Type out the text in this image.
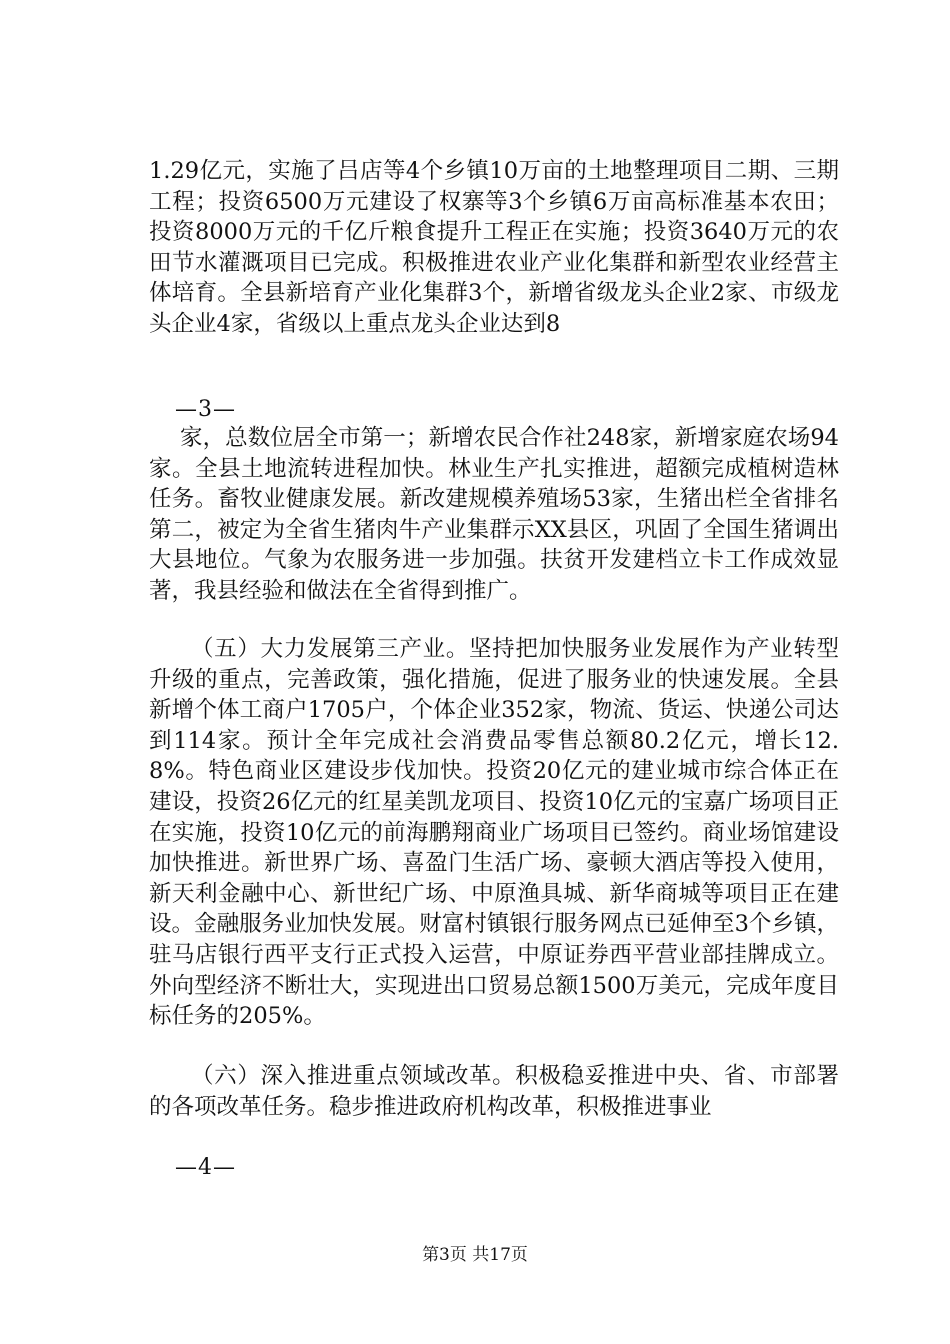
1.29亿元，实施了吕店等4个乡镇10万亩的土地整理项目二期、三期工程；投资6500万元建设了权寨等3个乡镇6万亩高标准基本农田；投资8000万元的千亿斤粮食提升工程正在实施；投资3640万元的农田节水灌溉项目已完成。积极推进农业产业化集群和新型农业经营主体培育。全县新培育产业化集群3个，新增省级龙头企业2家、市级龙头企业4家，省级以上重点龙头企业达到8
—3—
家，总数位居全市第一；新增农民合作社248家，新增家庭农场94家。全县土地流转进程加快。林业生产扎实推进，超额完成植树造林任务。畜牧业健康发展。新改建规模养殖场53家，生猪出栏全省排名第二，被定为全省生猪肉牛产业集群示XX县区，巩固了全国生猪调出大县地位。气象为农服务进一步加强。扶贫开发建档立卡工作成效显著，我县经验和做法在全省得到推广。
（五）大力发展第三产业。坚持把加快服务业发展作为产业转型升级的重点，完善政策，强化措施，促进了服务业的快速发展。全县新增个体工商户1705户，个体企业352家，物流、货运、快递公司达到114家。预计全年完成社会消费品零售总额80.2亿元，增长12.8%。特色商业区建设步伐加快。投资20亿元的建业城市综合体正在建设，投资26亿元的红星美凯龙项目、投资10亿元的宝嘉广场项目正在实施，投资10亿元的前海鹏翔商业广场项目已签约。商业场馆建设加快推进。新世界广场、喜盈门生活广场、豪顿大酒店等投入使用，新天利金融中心、新世纪广场、中原渔具城、新华商城等项目正在建设。金融服务业加快发展。财富村镇银行服务网点已延伸至3个乡镇，驻马店银行西平支行正式投入运营，中原证券西平营业部挂牌成立。外向型经济不断壮大，实现进出口贸易总额1500万美元，完成年度目标任务的205%。
（六）深入推进重点领域改革。积极稳妥推进中央、省、市部署的各项改革任务。稳步推进政府机构改革，积极推进事业
—4—
第3页 共17页
